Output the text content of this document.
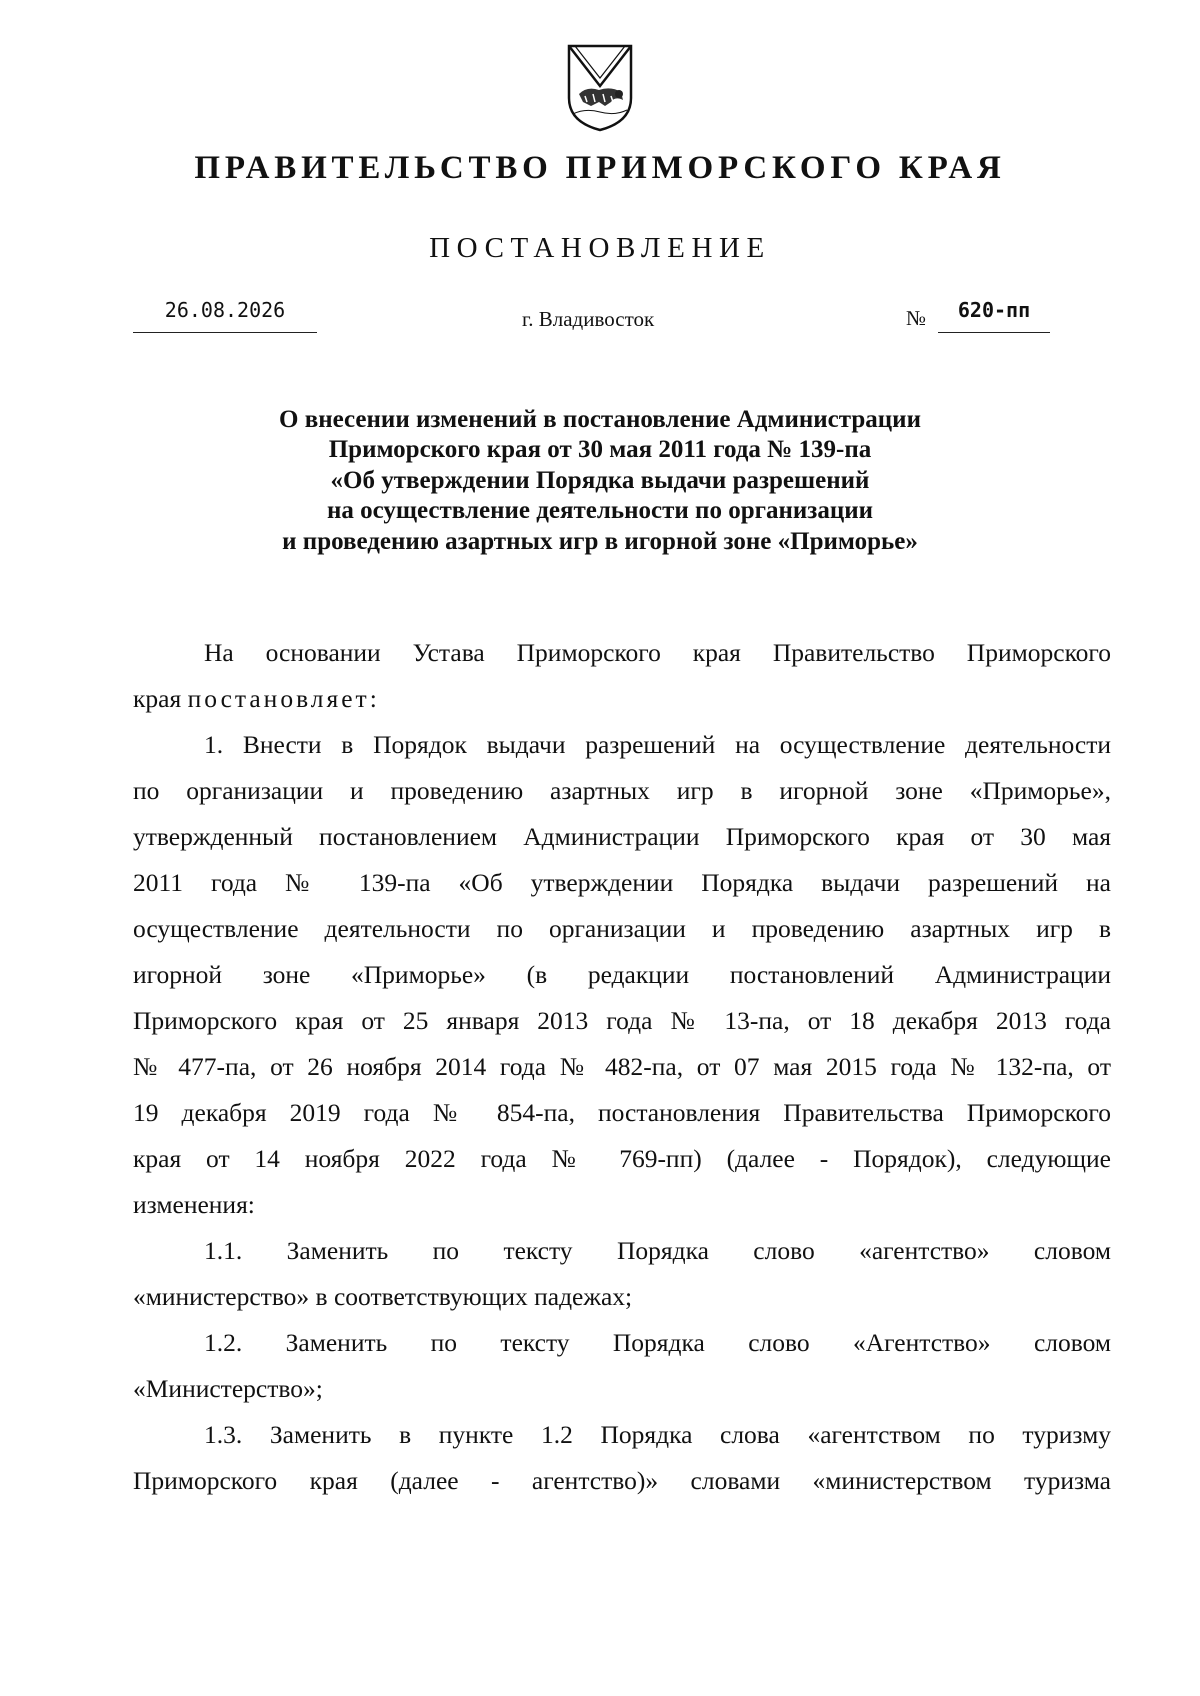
ПРАВИТЕЛЬСТВО ПРИМОРСКОГО КРАЯ
ПОСТАНОВЛЕНИЕ
26.08.2026	г. Владивосток	№	620-пп
О внесении изменений в постановление Администрации
Приморского края от 30 мая 2011 года № 139-па
«Об утверждении Порядка выдачи разрешений
на осуществление деятельности по организации
и проведению азартных игр в игорной зоне «Приморье»
На основании Устава Приморского края Правительство Приморского
края постановляет:
1. Внести в Порядок выдачи разрешений на осуществление деятельности
по организации и проведению азартных игр в игорной зоне «Приморье»,
утвержденный постановлением Администрации Приморского края от 30 мая
2011 года № 139-па «Об утверждении Порядка выдачи разрешений на
осуществление деятельности по организации и проведению азартных игр в
игорной зоне «Приморье» (в редакции постановлений Администрации
Приморского края от 25 января 2013 года № 13-па, от 18 декабря 2013 года
№ 477-па, от 26 ноября 2014 года № 482-па, от 07 мая 2015 года № 132-па, от
19 декабря 2019 года № 854-па, постановления Правительства Приморского
края от 14 ноября 2022 года № 769-пп) (далее - Порядок), следующие
изменения:
1.1. Заменить по тексту Порядка слово «агентство» словом
«министерство» в соответствующих падежах;
1.2. Заменить по тексту Порядка слово «Агентство» словом
«Министерство»;
1.3. Заменить в пункте 1.2 Порядка слова «агентством по туризму
Приморского края (далее - агентство)» словами «министерством туризма
